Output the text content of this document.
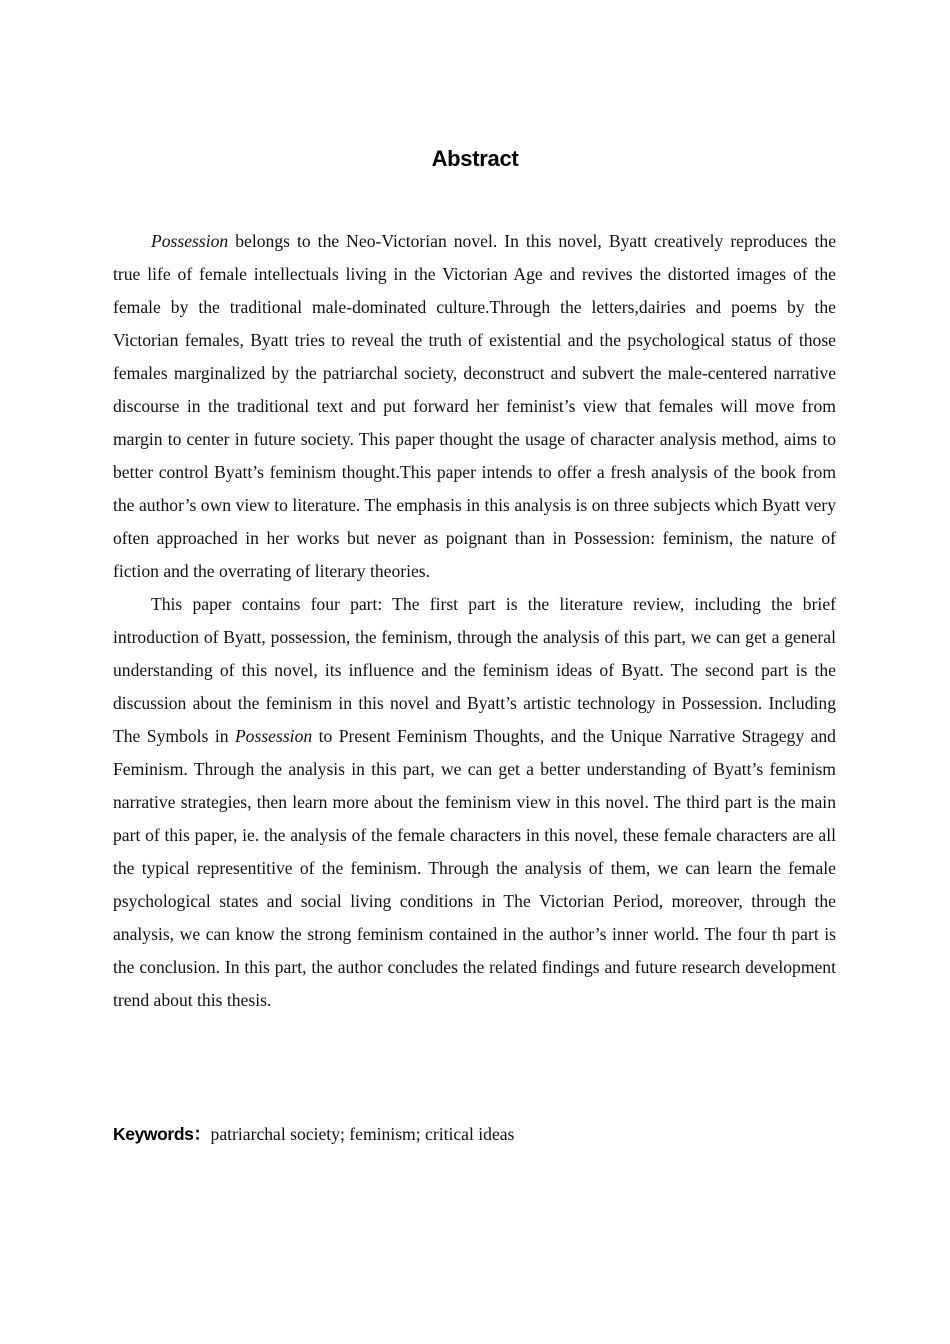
Abstract

Possession belongs to the Neo-Victorian novel. In this novel, Byatt creatively reproduces the true life of female intellectuals living in the Victorian Age and revives the distorted images of the female by the traditional male-dominated culture.Through the letters,dairies and poems by the Victorian females, Byatt tries to reveal the truth of existential and the psychological status of those females marginalized by the patriarchal society, deconstruct and subvert the male-centered narrative discourse in the traditional text and put forward her feminist’s view that females will move from margin to center in future society. This paper thought the usage of character analysis method, aims to better control Byatt’s feminism thought.This paper intends to offer a fresh analysis of the book from the author’s own view to literature. The emphasis in this analysis is on three subjects which Byatt very often approached in her works but never as poignant than in Possession: feminism, the nature of fiction and the overrating of literary theories.

This paper contains four part: The first part is the literature review, including the brief introduction of Byatt, possession, the feminism, through the analysis of this part, we can get a general understanding of this novel, its influence and the feminism ideas of Byatt. The second part is the discussion about the feminism in this novel and Byatt’s artistic technology in Possession. Including The Symbols in Possession to Present Feminism Thoughts, and the Unique Narrative Stragegy and Feminism. Through the analysis in this part, we can get a better understanding of Byatt’s feminism narrative strategies, then learn more about the feminism view in this novel. The third part is the main part of this paper, ie. the analysis of the female characters in this novel, these female characters are all the typical representitive of the feminism. Through the analysis of them, we can learn the female psychological states and social living conditions in The Victorian Period, moreover, through the analysis, we can know the strong feminism contained in the author’s inner world. The four th part is the conclusion. In this part, the author concludes the related findings and future research development trend about this thesis.

Keywords：patriarchal society; feminism; critical ideas
